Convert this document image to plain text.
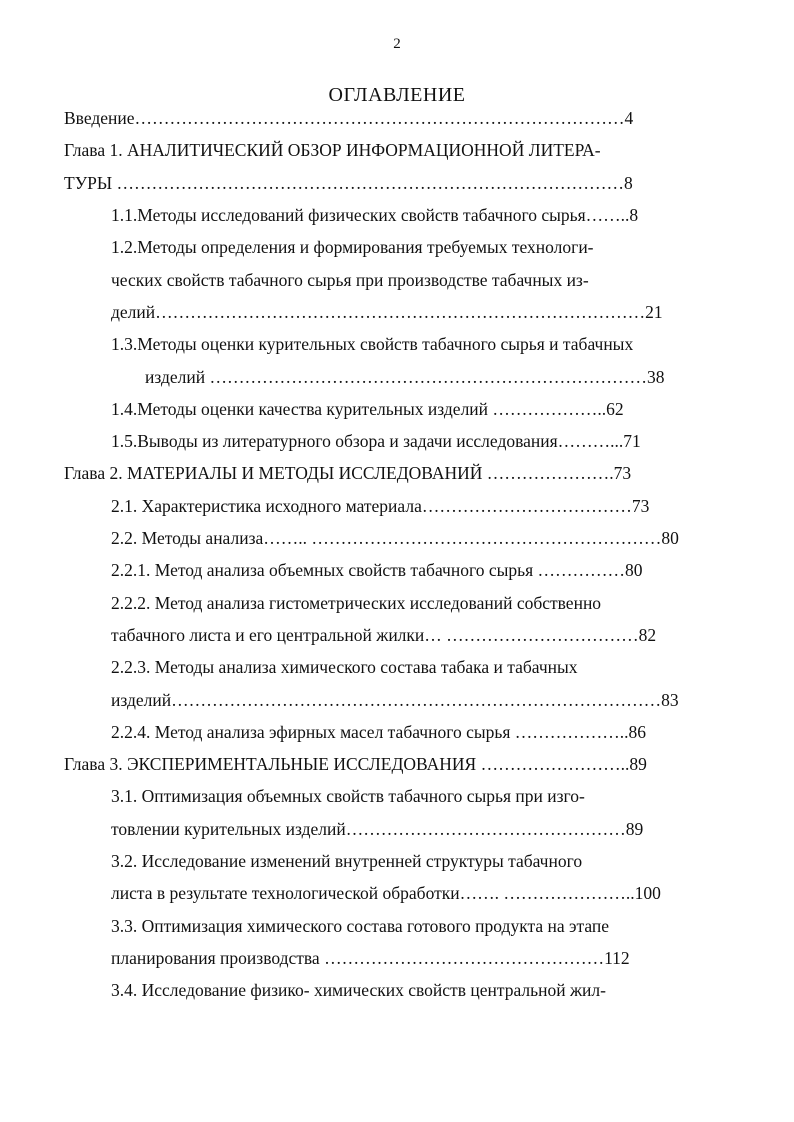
2
ОГЛАВЛЕНИЕ
Введение…………………………………………………………………………4
Глава 1. АНАЛИТИЧЕСКИЙ ОБЗОР ИНФОРМАЦИОННОЙ ЛИТЕРА-
ТУРЫ ……………………………………………………………………………8
1.1.Методы исследований физических свойств табачного сырья……..8
1.2.Методы определения и формирования требуемых технологи-
ческих свойств табачного сырья при производстве табачных из-
делий…………………………………………………………………………21
1.3.Методы оценки курительных свойств табачного сырья и табачных
изделий …………………………………………………………………38
1.4.Методы оценки качества курительных изделий ………………..62
1.5.Выводы из литературного обзора и задачи исследования………...71
Глава 2. МАТЕРИАЛЫ И МЕТОДЫ ИССЛЕДОВАНИЙ ………………….73
2.1. Характеристика исходного материала………………………………73
2.2. Методы анализа…….. ……………………………………………………80
2.2.1. Метод анализа объемных свойств табачного сырья ……………80
2.2.2. Метод анализа гистометрических исследований собственно
табачного листа и его центральной жилки… ……………………………82
2.2.3. Методы анализа химического состава табака и табачных
изделий…………………………………………………………………………83
2.2.4. Метод анализа эфирных масел табачного сырья ………………..86
Глава 3. ЭКСПЕРИМЕНТАЛЬНЫЕ ИССЛЕДОВАНИЯ ……………………..89
3.1. Оптимизация объемных свойств табачного сырья при изго-
товлении курительных изделий…………………………………………89
3.2. Исследование изменений внутренней структуры табачного
листа в результате технологической обработки……. …………………..100
3.3. Оптимизация химического состава готового продукта на этапе
планирования производства …………………………………………112
3.4. Исследование физико- химических свойств центральной жил-
